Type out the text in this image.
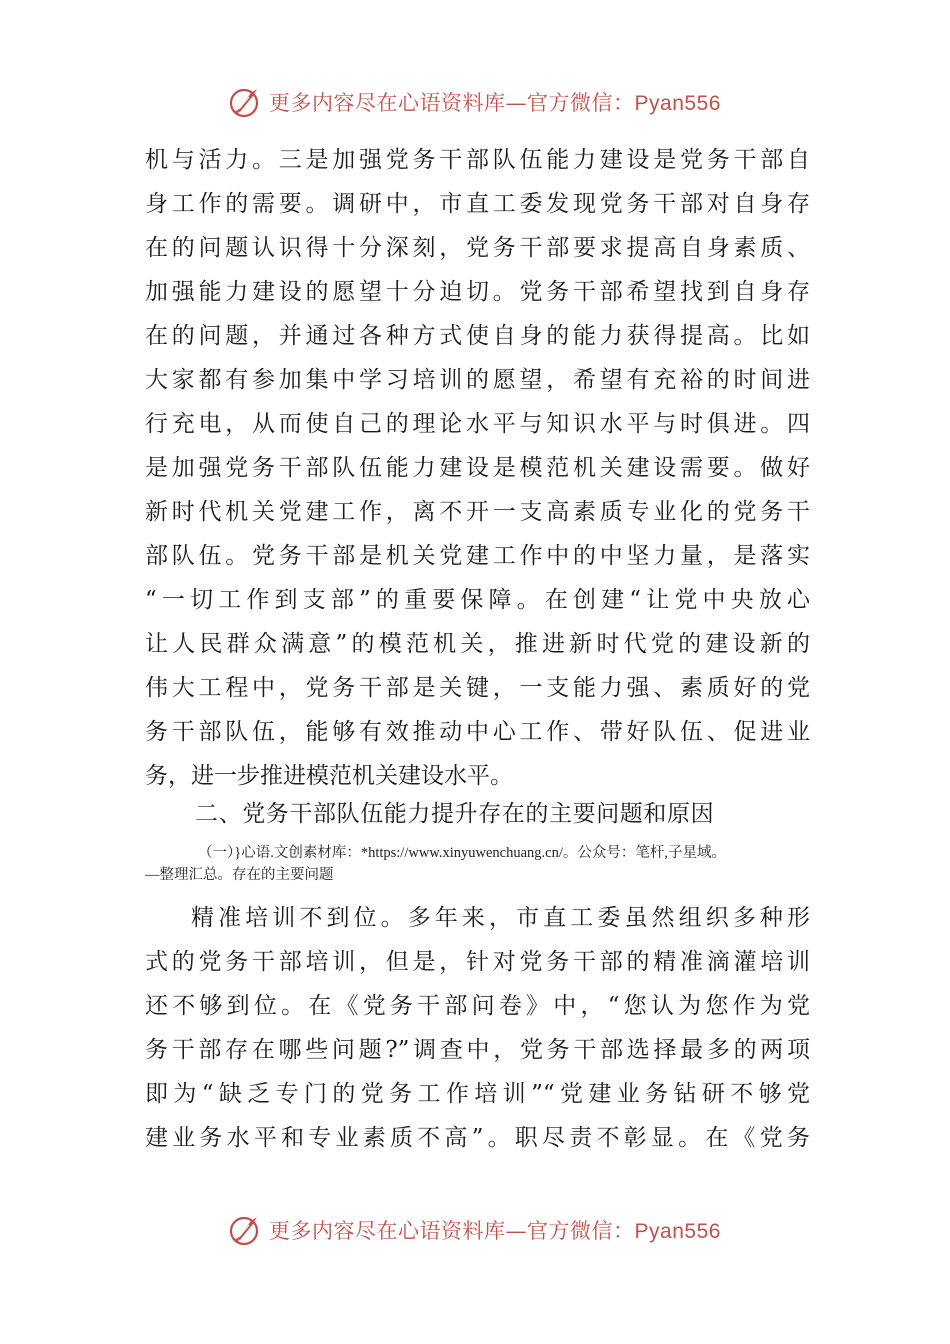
更多内容尽在心语资料库—官方微信：Pyan556
机与活力。三是加强党务干部队伍能力建设是党务干部自
身工作的需要。调研中，市直工委发现党务干部对自身存
在的问题认识得十分深刻，党务干部要求提高自身素质、
加强能力建设的愿望十分迫切。党务干部希望找到自身存
在的问题，并通过各种方式使自身的能力获得提高。比如
大家都有参加集中学习培训的愿望，希望有充裕的时间进
行充电，从而使自己的理论水平与知识水平与时俱进。四
是加强党务干部队伍能力建设是模范机关建设需要。做好
新时代机关党建工作，离不开一支高素质专业化的党务干
部队伍。党务干部是机关党建工作中的中坚力量，是落实
“一切工作到支部”的重要保障。在创建“让党中央放心
让人民群众满意”的模范机关，推进新时代党的建设新的
伟大工程中，党务干部是关键，一支能力强、素质好的党
务干部队伍，能够有效推动中心工作、带好队伍、促进业
务，进一步推进模范机关建设水平。
二、党务干部队伍能力提升存在的主要问题和原因
（一）}心语.文创素材库：*https://www.xinyuwenchuang.cn/。公众号：笔杆,子星域。
—整理汇总。存在的主要问题
精准培训不到位。多年来，市直工委虽然组织多种形
式的党务干部培训，但是，针对党务干部的精准滴灌培训
还不够到位。在《党务干部问卷》中，“您认为您作为党
务干部存在哪些问题?”调查中，党务干部选择最多的两项
即为“缺乏专门的党务工作培训”“党建业务钻研不够党
建业务水平和专业素质不高”。职尽责不彰显。在《党务
更多内容尽在心语资料库—官方微信：Pyan556
